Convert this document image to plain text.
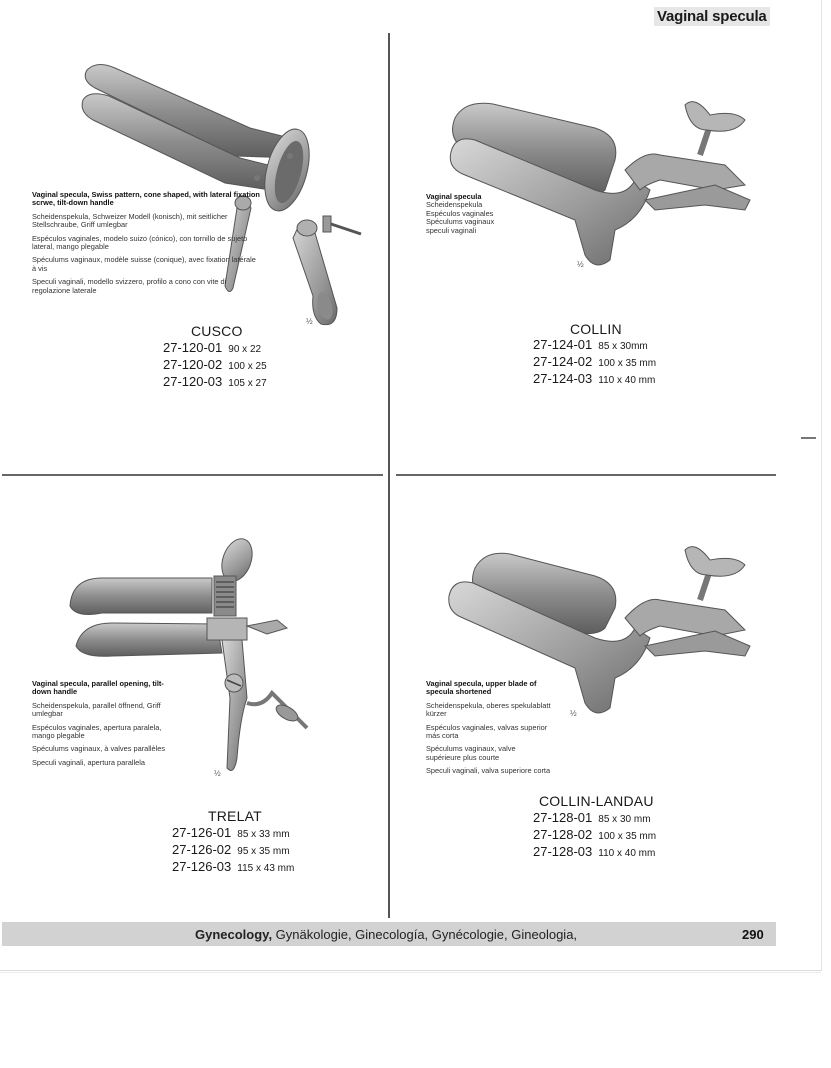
Vaginal specula

Vaginal specula, Swiss pattern, cone shaped, with lateral fixation scrwe, tilt-down handle

Scheidenspekula, Schweizer Modell (konisch), mit seitlicher Stellschraube, Griff umlegbar

Espéculos vaginales, modelo suizo (cónico), con tornillo de sujeto lateral, mango plegable

Spéculums vaginaux, modèle suisse (conique), avec fixation latérale à vis

Speculi vaginali, modello svizzero, profilo a cono con vite di regolazione laterale

½
CUSCO
27-120-01 90 x 22
27-120-02 100 x 25
27-120-03 105 x 27

Vaginal specula

Scheidenspekula

Espéculos vaginales

Spéculums vaginaux

speculi vaginali

½
COLLIN
27-124-01 85 x 30mm
27-124-02 100 x 35 mm
27-124-03 110 x 40 mm

Vaginal specula, parallel opening, tilt-down handle

Scheidenspekula, parallel öffnend, Griff umlegbar

Espéculos vaginales, apertura paralela, mango plegable

Spéculums vaginaux, à valves parallèles

Speculi vaginali, apertura parallela

½
TRELAT
27-126-01 85 x 33 mm
27-126-02 95 x 35 mm
27-126-03 115 x 43 mm

Vaginal specula, upper blade of specula shortened

Scheidenspekula, oberes spekulablatt kürzer

Espéculos vaginales, valvas superior más corta

Spéculums vaginaux, valve supérieure plus courte

Speculi vaginali, valva superiore corta

½
COLLIN-LANDAU
27-128-01 85 x 30 mm
27-128-02 100 x 35 mm
27-128-03 110 x 40 mm
Gynecology, Gynäkologie, Ginecología, Gynécologie, Gineologia,	290
